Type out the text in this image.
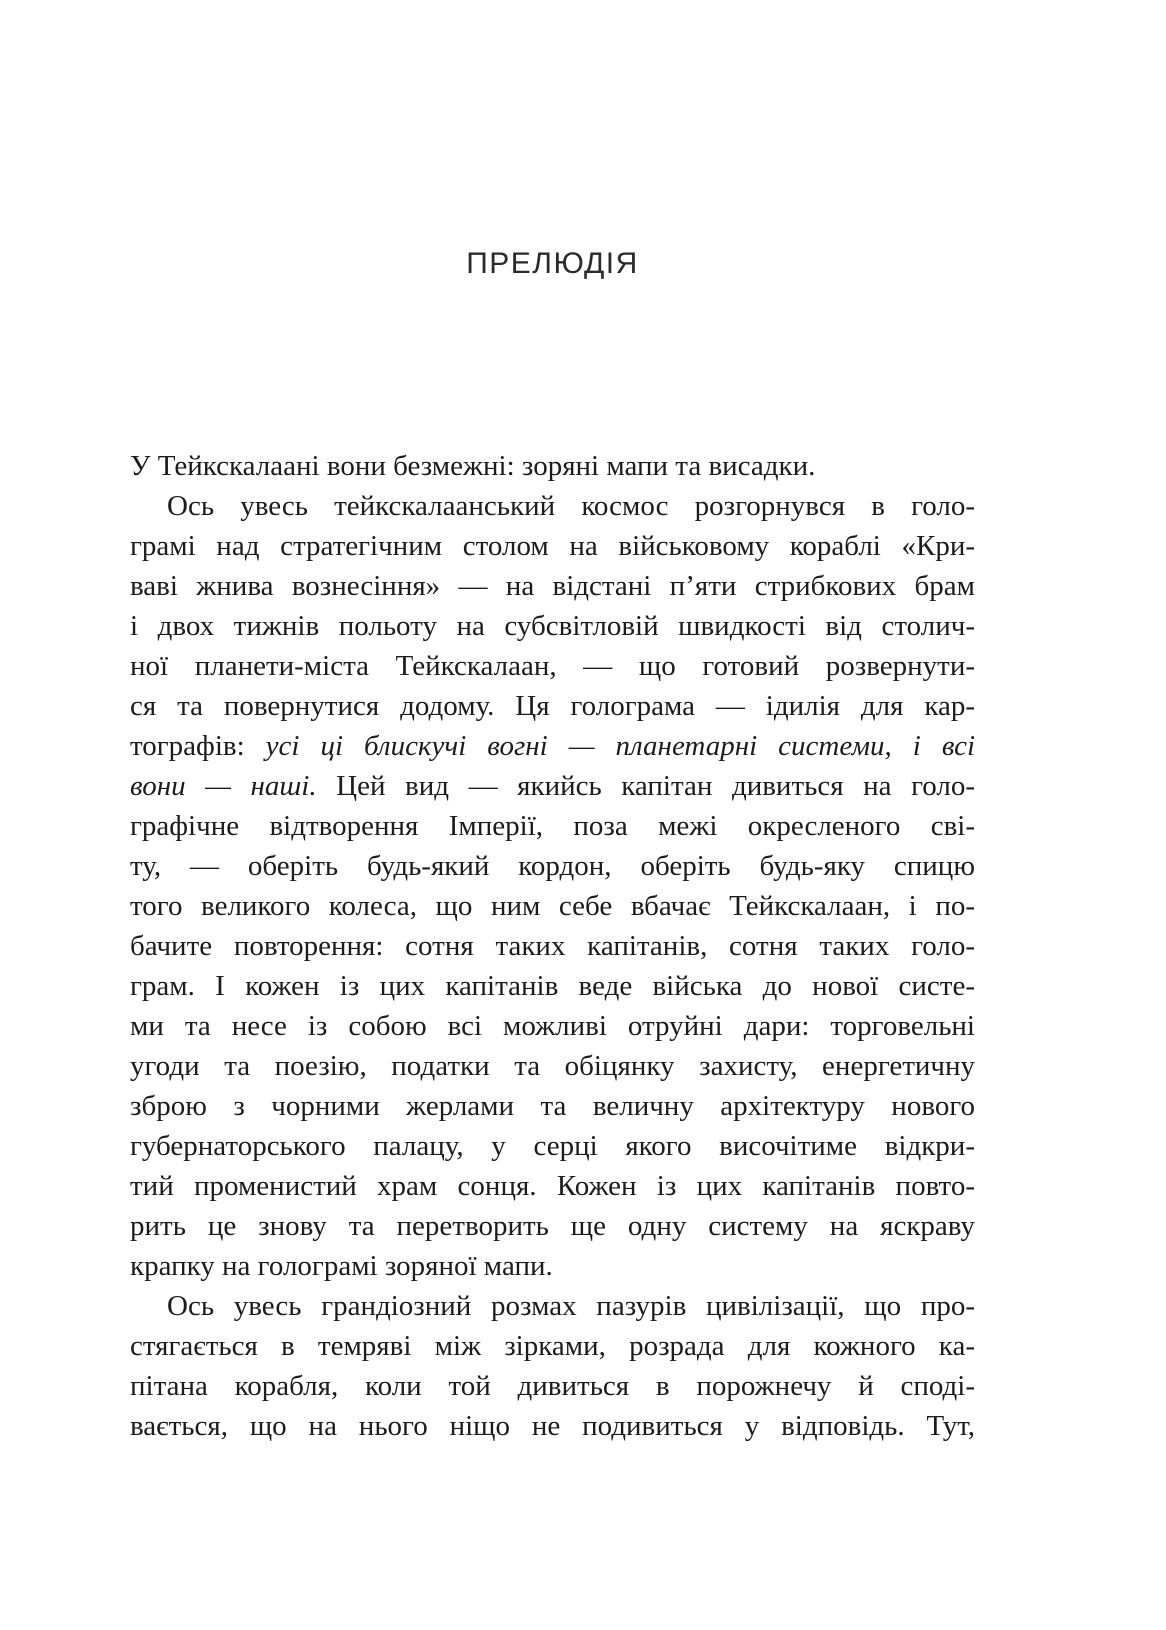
ПРЕЛЮДІЯ
У Тейкскалаані вони безмежні: зоряні мапи та висадки.
Ось увесь тейкскалаанський космос розгорнувся в голо-
грамі над стратегічним столом на військовому кораблі «Кри-
ваві жнива вознесіння» — на відстані п’яти стрибкових брам
і двох тижнів польоту на субсвітловій швидкості від столич-
ної планети-міста Тейкскалаан, — що готовий розвернути-
ся та повернутися додому. Ця голограма — ідилія для кар-
тографів: усі ці блискучі вогні — планетарні системи, і всі
вони — наші. Цей вид — якийсь капітан дивиться на голо-
графічне відтворення Імперії, поза межі окресленого сві-
ту, — оберіть будь-який кордон, оберіть будь-яку спицю
того великого колеса, що ним себе вбачає Тейкскалаан, і по-
бачите повторення: сотня таких капітанів, сотня таких голо-
грам. І кожен із цих капітанів веде війська до нової систе-
ми та несе із собою всі можливі отруйні дари: торговельні
угоди та поезію, податки та обіцянку захисту, енергетичну
зброю з чорними жерлами та величну архітектуру нового
губернаторського палацу, у серці якого височітиме відкри-
тий променистий храм сонця. Кожен із цих капітанів повто-
рить це знову та перетворить ще одну систему на яскраву
крапку на голограмі зоряної мапи.
Ось увесь грандіозний розмах пазурів цивілізації, що про-
стягається в темряві між зірками, розрада для кожного ка-
пітана корабля, коли той дивиться в порожнечу й споді-
вається, що на нього ніщо не подивиться у відповідь. Тут,
